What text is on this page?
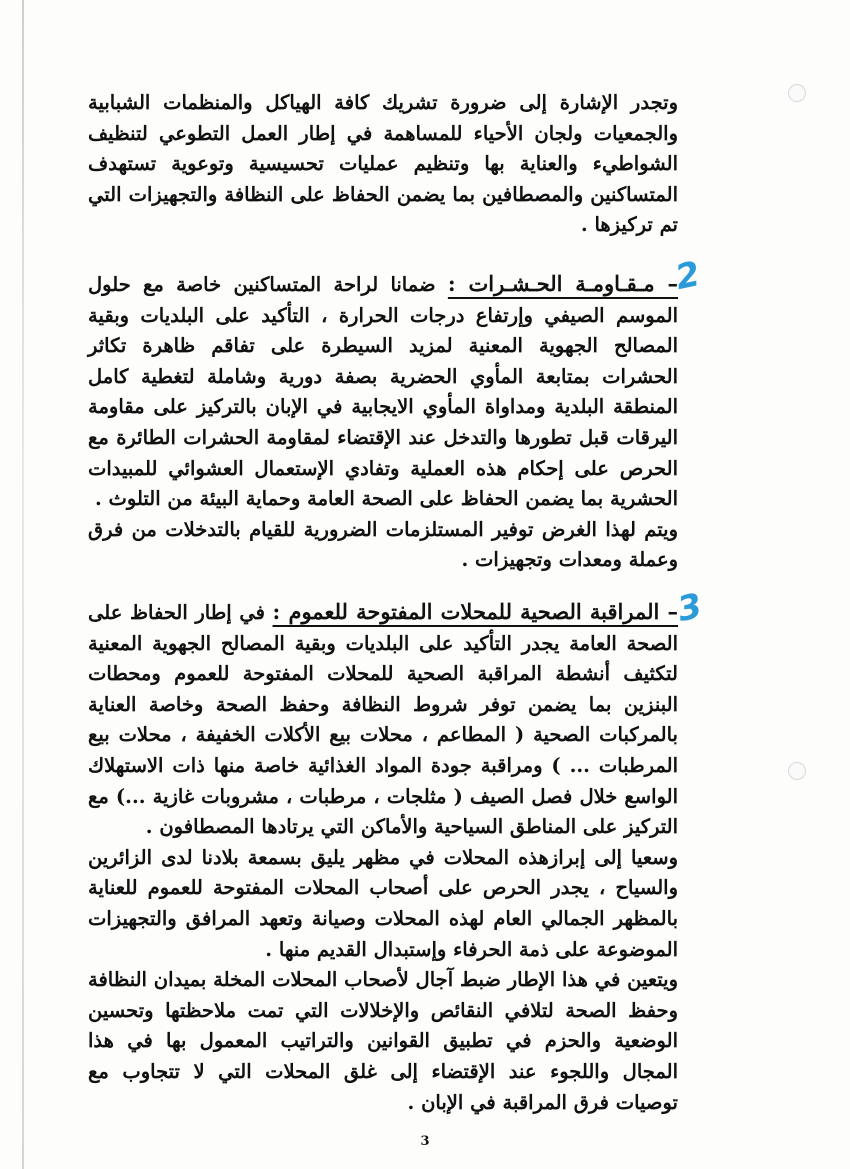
وتجدر الإشارة إلى ضرورة تشريك كافة الهياكل والمنظمات الشبابية والجمعيات ولجان الأحياء للمساهمة في إطار العمل التطوعي لتنظيف الشواطيء والعناية بها وتنظيم عمليات تحسيسية وتوعوية تستهدف المتساكنين والمصطافين بما يضمن الحفاظ على النظافة والتجهيزات التي تم تركيزها .

2

– مـقـاومـة الحـشـرات : ضمانا لراحة المتساكنين خاصة مع حلول الموسم الصيفي وإرتفاع درجات الحرارة ، التأكيد على البلديات وبقية المصالح الجهوية المعنية لمزيد السيطرة على تفاقم ظاهرة تكاثر الحشرات بمتابعة المأوي الحضرية بصفة دورية وشاملة لتغطية كامل المنطقة البلدية ومداواة المأوي الايجابية في الإبان بالتركيز على مقاومة اليرقات قبل تطورها والتدخل عند الإقتضاء لمقاومة الحشرات الطائرة مع الحرص على إحكام هذه العملية وتفادي الإستعمال العشوائي للمبيدات الحشرية بما يضمن الحفاظ على الصحة العامة وحماية البيئة من التلوث .

ويتم لهذا الغرض توفير المستلزمات الضرورية للقيام بالتدخلات من فرق وعملة ومعدات وتجهيزات .

3

– المراقبة الصحية للمحلات المفتوحة للعموم : في إطار الحفاظ على الصحة العامة يجدر التأكيد على البلديات وبقية المصالح الجهوية المعنية لتكثيف أنشطة المراقبة الصحية للمحلات المفتوحة للعموم ومحطات البنزين بما يضمن توفر شروط النظافة وحفظ الصحة وخاصة العناية بالمركبات الصحية ( المطاعم ، محلات بيع الأكلات الخفيفة ، محلات بيع المرطبات ... ) ومراقبة جودة المواد الغذائية خاصة منها ذات الاستهلاك الواسع خلال فصل الصيف ( مثلجات ، مرطبات ، مشروبات غازية ...) مع التركيز على المناطق السياحية والأماكن التي يرتادها المصطافون .

وسعيا إلى إبرازهذه المحلات في مظهر يليق بسمعة بلادنا لدى الزائرين والسياح ، يجدر الحرص على أصحاب المحلات المفتوحة للعموم للعناية بالمظهر الجمالي العام لهذه المحلات وصيانة وتعهد المرافق والتجهيزات الموضوعة على ذمة الحرفاء وإستبدال القديم منها .

ويتعين في هذا الإطار ضبط آجال لأصحاب المحلات المخلة بميدان النظافة وحفظ الصحة لتلافي النقائص والإخلالات التي تمت ملاحظتها وتحسين الوضعية والحزم في تطبيق القوانين والتراتيب المعمول بها في هذا المجال واللجوء عند الإقتضاء إلى غلق المحلات التي لا تتجاوب مع توصيات فرق المراقبة في الإبان .

3
